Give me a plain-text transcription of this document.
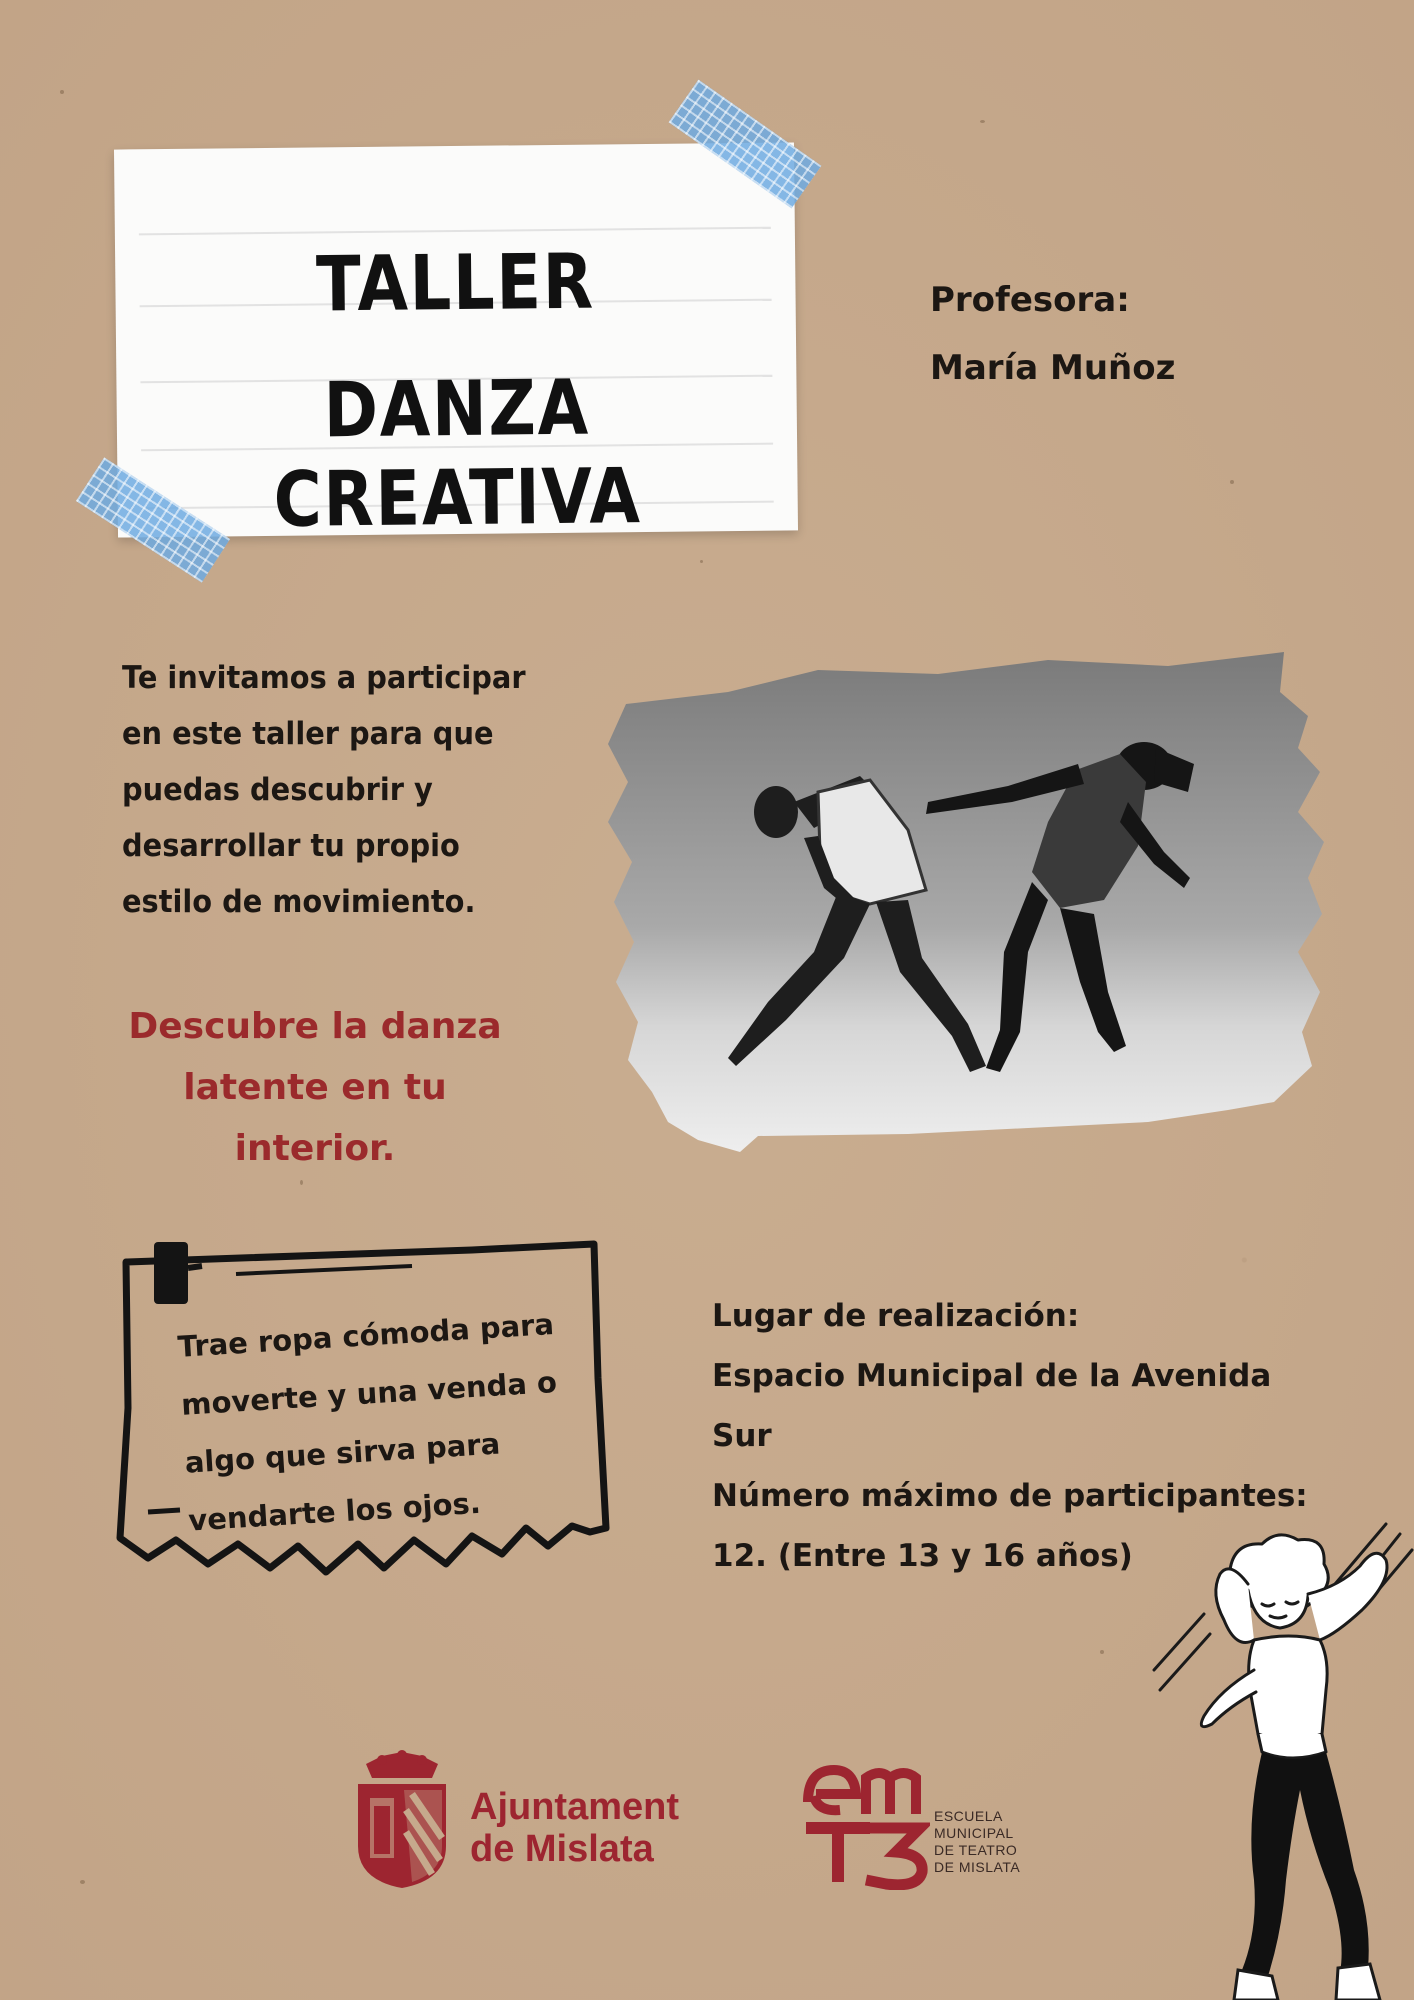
TALLER
DANZA CREATIVA
Profesora:
María Muñoz
Te invitamos a participar
en este taller para que
puedas descubrir y
desarrollar tu propio
estilo de movimiento.
Descubre la danza
latente en tu
interior.
Trae ropa cómoda para
moverte y una venda o
algo que sirva para
vendarte los ojos.
Lugar de realización:
Espacio Municipal de la Avenida Sur
Número máximo de participantes:
12. (Entre 13 y 16 años)
Ajuntament
de Mislata
ESCUELA
MUNICIPAL
DE TEATRO
DE MISLATA
